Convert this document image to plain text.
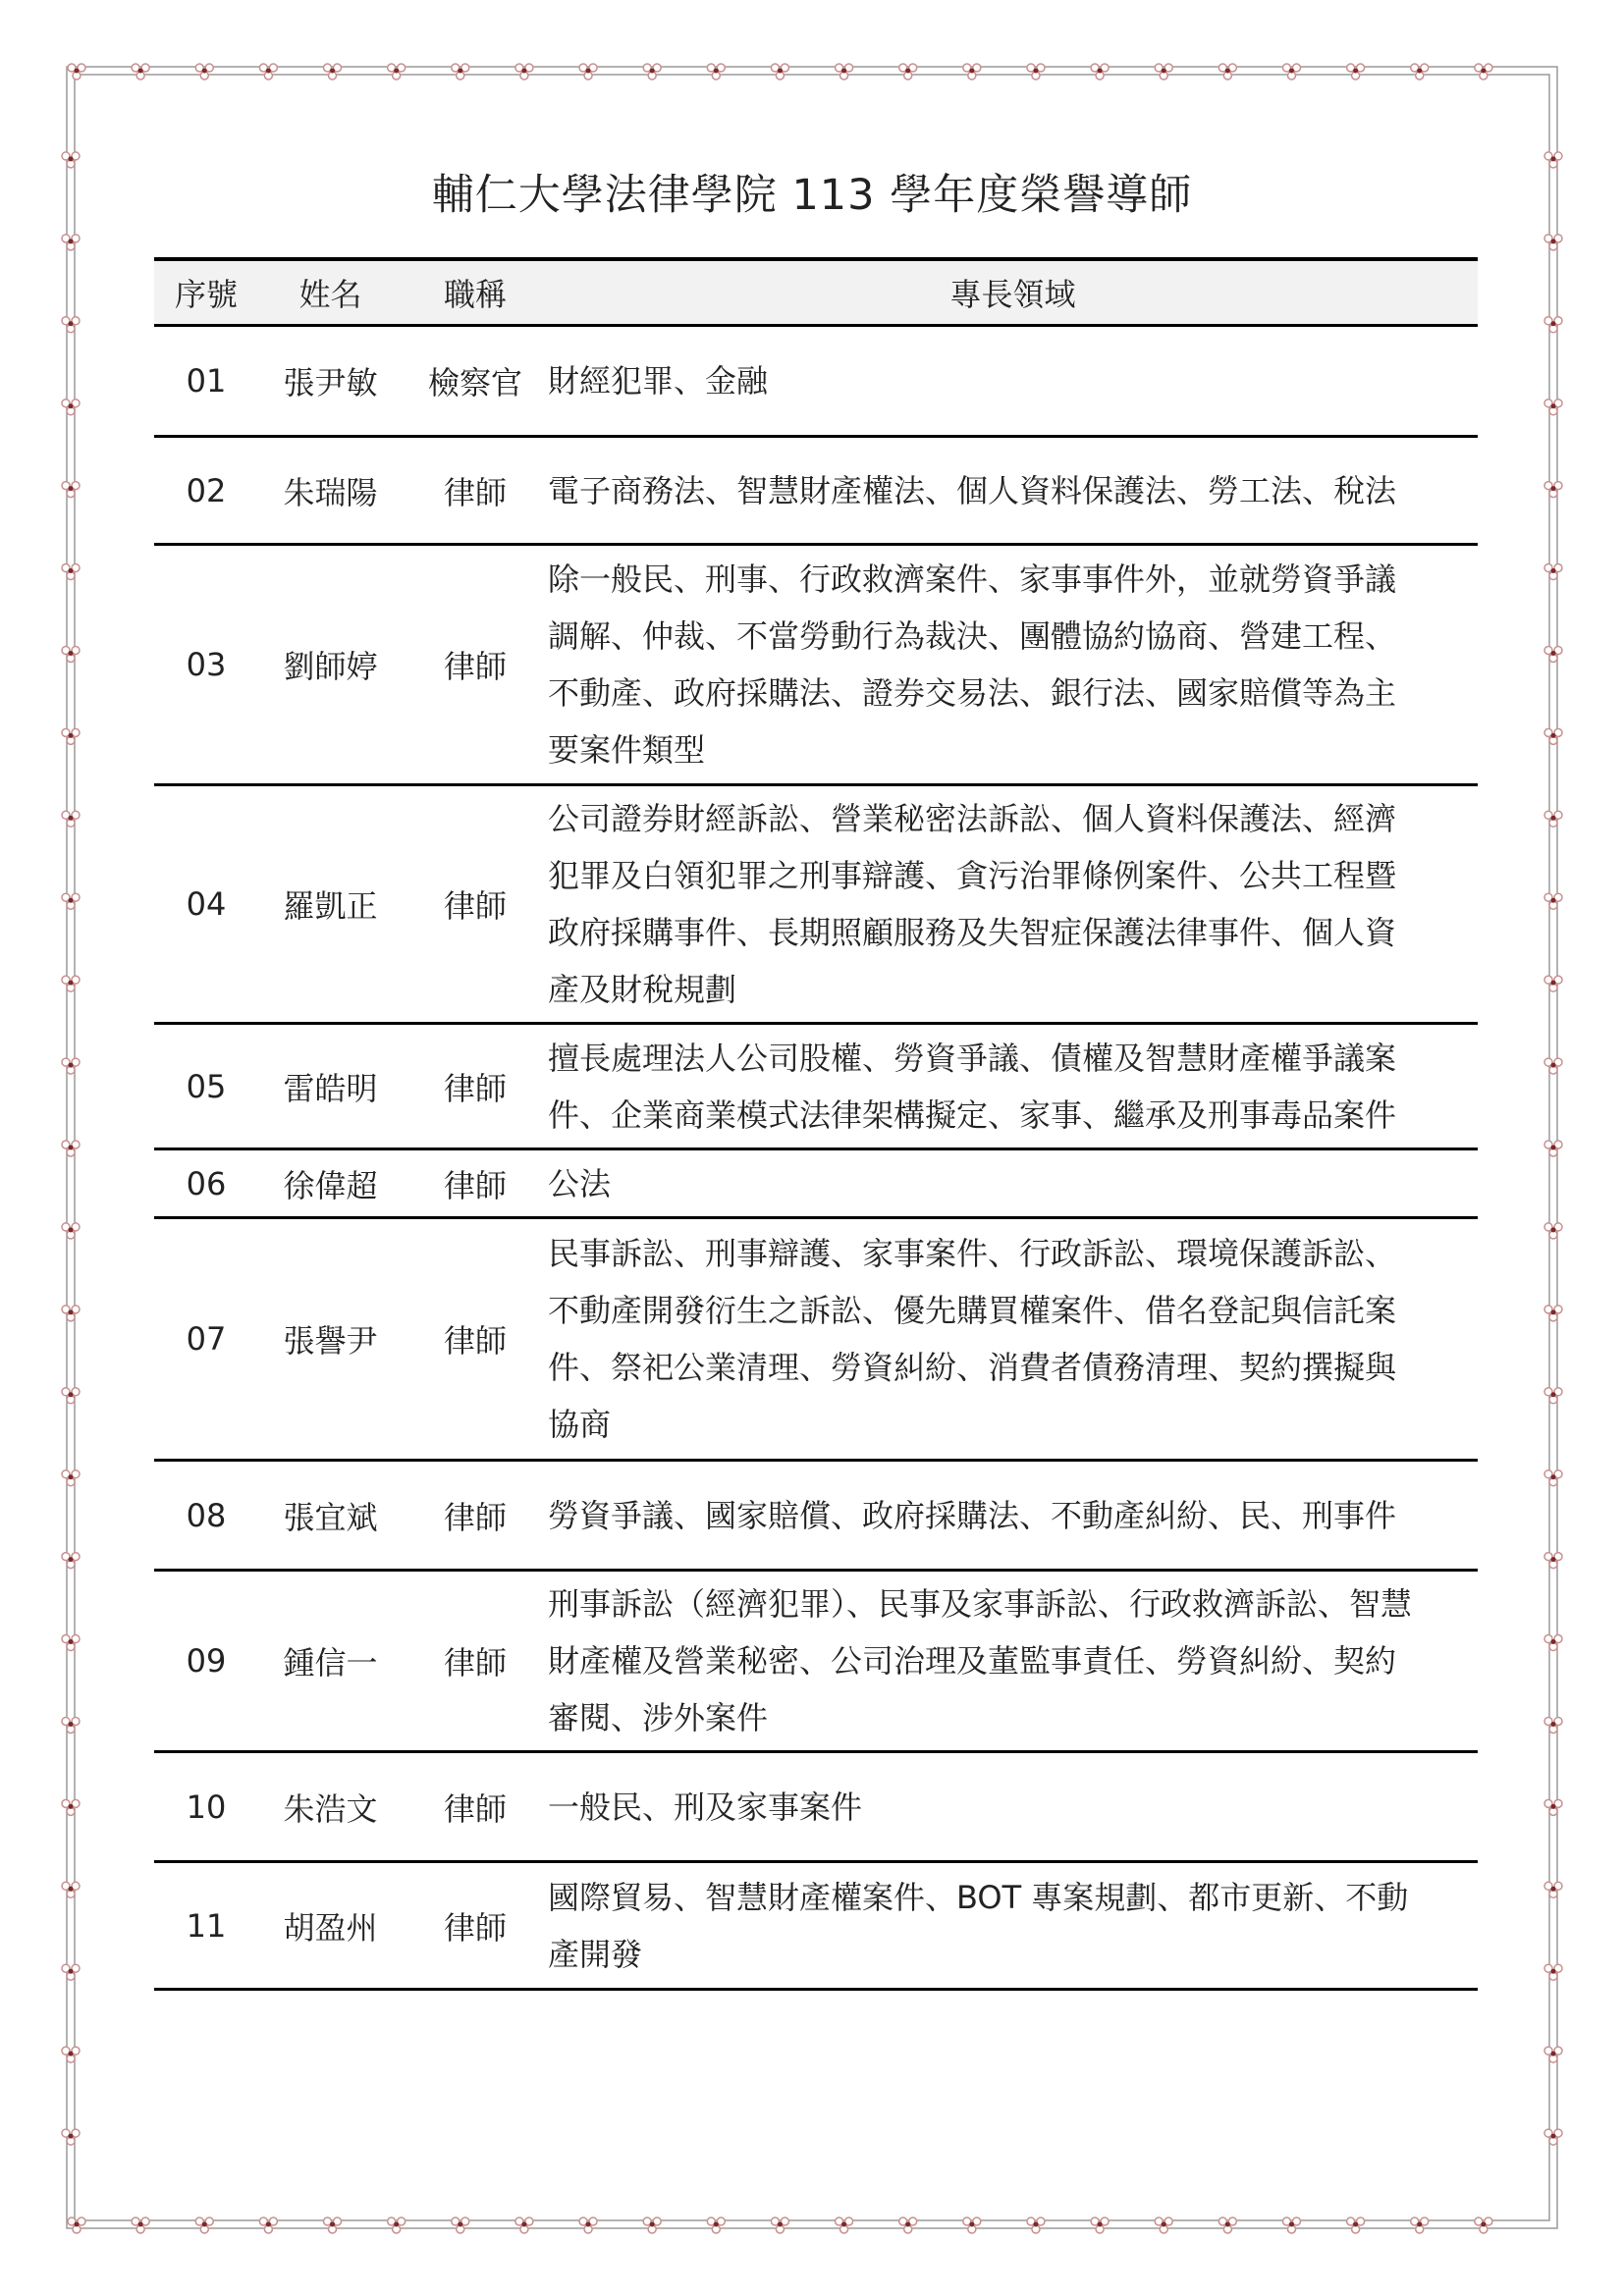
輔仁大學法律學院 113 學年度榮譽導師
序號	姓名	職稱	專長領域
01	張尹敏	檢察官	財經犯罪、金融

02	朱瑞陽	律師	電子商務法、智慧財產權法、個人資料保護法、勞工法、稅法

03	劉師婷	律師	除一般民、刑事、行政救濟案件、家事事件外，並就勞資爭議
調解、仲裁、不當勞動行為裁決、團體協約協商、營建工程、
不動產、政府採購法、證券交易法、銀行法、國家賠償等為主
要案件類型

04	羅凱正	律師	公司證券財經訴訟、營業秘密法訴訟、個人資料保護法、經濟
犯罪及白領犯罪之刑事辯護、貪污治罪條例案件、公共工程暨
政府採購事件、長期照顧服務及失智症保護法律事件、個人資
產及財稅規劃

05	雷皓明	律師	擅長處理法人公司股權、勞資爭議、債權及智慧財產權爭議案
件、企業商業模式法律架構擬定、家事、繼承及刑事毒品案件

06	徐偉超	律師	公法

07	張譽尹	律師	民事訴訟、刑事辯護、家事案件、行政訴訟、環境保護訴訟、
不動產開發衍生之訴訟、優先購買權案件、借名登記與信託案
件、祭祀公業清理、勞資糾紛、消費者債務清理、契約撰擬與
協商

08	張宜斌	律師	勞資爭議、國家賠償、政府採購法、不動產糾紛、民、刑事件

09	鍾信一	律師	刑事訴訟（經濟犯罪）、民事及家事訴訟、行政救濟訴訟、智慧
財產權及營業秘密、公司治理及董監事責任、勞資糾紛、契約
審閱、涉外案件

10	朱浩文	律師	一般民、刑及家事案件

11	胡盈州	律師	國際貿易、智慧財產權案件、BOT 專案規劃、都市更新、不動
產開發
